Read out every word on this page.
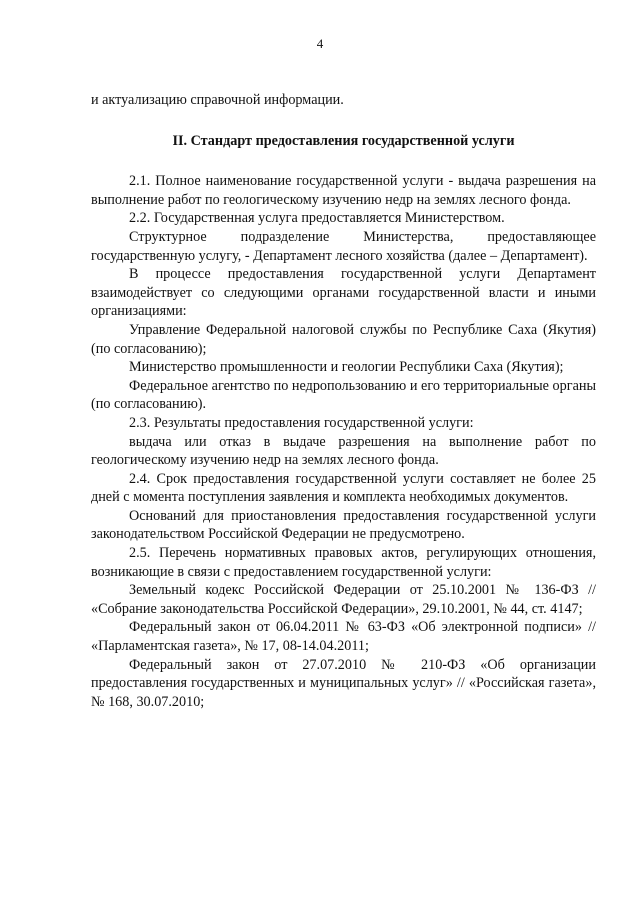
4

и актуализацию справочной информации.

II. Стандарт предоставления государственной услуги

2.1. Полное наименование государственной услуги - выдача разрешения на выполнение работ по геологическому изучению недр на землях лесного фонда.

2.2. Государственная услуга предоставляется Министерством.

Структурное подразделение Министерства, предоставляющее государственную услугу, - Департамент лесного хозяйства (далее – Департамент).

В процессе предоставления государственной услуги Департамент взаимодействует со следующими органами государственной власти и иными организациями:

Управление Федеральной налоговой службы по Республике Саха (Якутия) (по согласованию);

Министерство промышленности и геологии Республики Саха (Якутия);

Федеральное агентство по недропользованию и его территориальные органы (по согласованию).

2.3. Результаты предоставления государственной услуги:

выдача или отказ в выдаче разрешения на выполнение работ по геологическому изучению недр на землях лесного фонда.

2.4. Срок предоставления государственной услуги составляет не более 25 дней с момента поступления заявления и комплекта необходимых документов.

Оснований для приостановления предоставления государственной услуги законодательством Российской Федерации не предусмотрено.

2.5. Перечень нормативных правовых актов, регулирующих отношения, возникающие в связи с предоставлением государственной услуги:

Земельный кодекс Российской Федерации от 25.10.2001 № 136-ФЗ // «Собрание законодательства Российской Федерации», 29.10.2001, № 44, ст. 4147;

Федеральный закон от 06.04.2011 № 63-ФЗ «Об электронной подписи» // «Парламентская газета», № 17, 08-14.04.2011;

Федеральный закон от 27.07.2010 № 210-ФЗ «Об организации предоставления государственных и муниципальных услуг» // «Российская газета», № 168, 30.07.2010;
